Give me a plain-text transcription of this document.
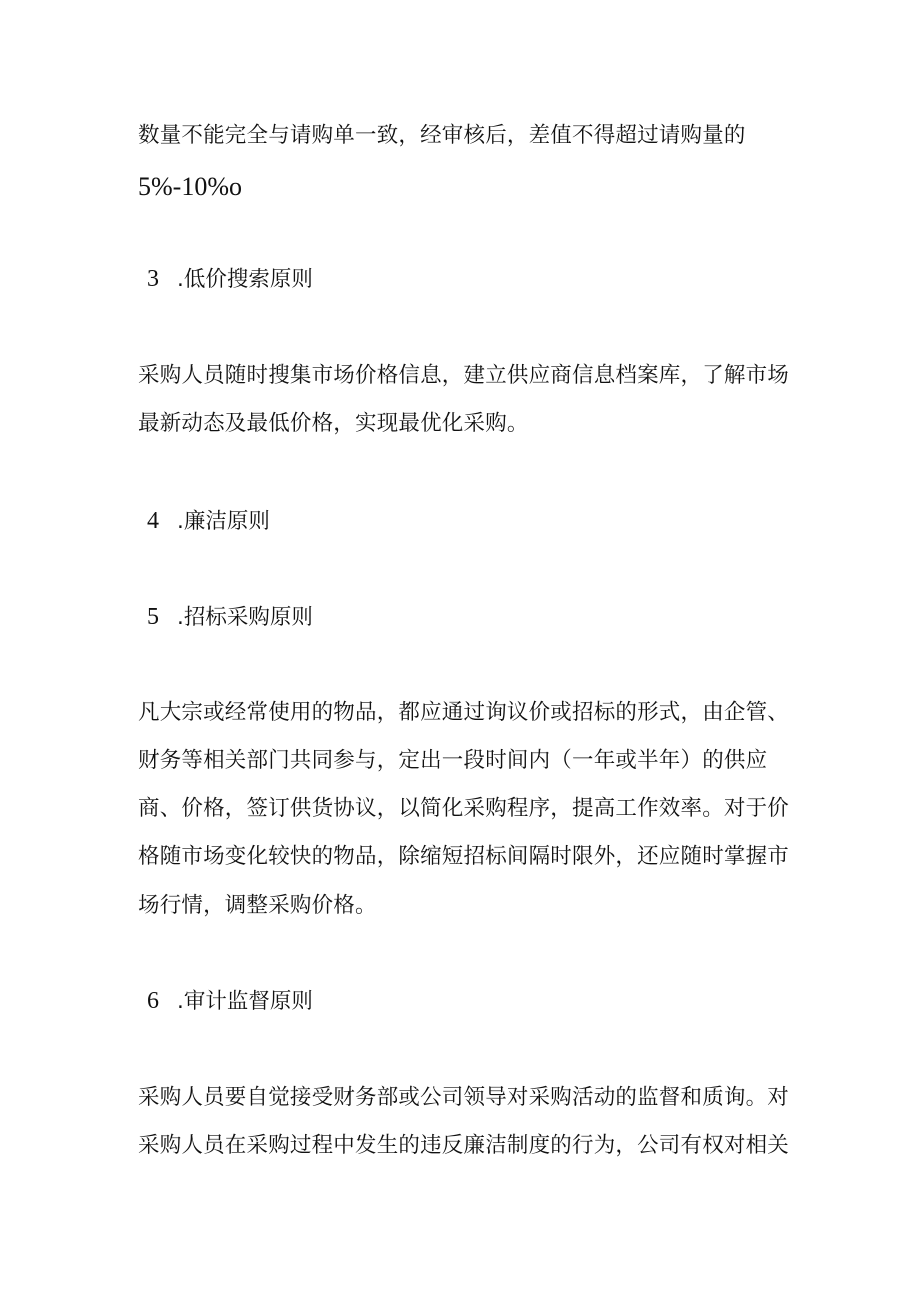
数量不能完全与请购单一致，经审核后，差值不得超过请购量的
5%-10%o
3 .低价搜索原则
采购人员随时搜集市场价格信息，建立供应商信息档案库，了解市场
最新动态及最低价格，实现最优化采购。
4 .廉洁原则
5 .招标采购原则
凡大宗或经常使用的物品，都应通过询议价或招标的形式，由企管、
财务等相关部门共同参与，定出一段时间内（一年或半年）的供应
商、价格，签订供货协议，以简化采购程序，提高工作效率。对于价
格随市场变化较快的物品，除缩短招标间隔时限外，还应随时掌握市
场行情，调整采购价格。
6 .审计监督原则
采购人员要自觉接受财务部或公司领导对采购活动的监督和质询。对
采购人员在采购过程中发生的违反廉洁制度的行为，公司有权对相关
